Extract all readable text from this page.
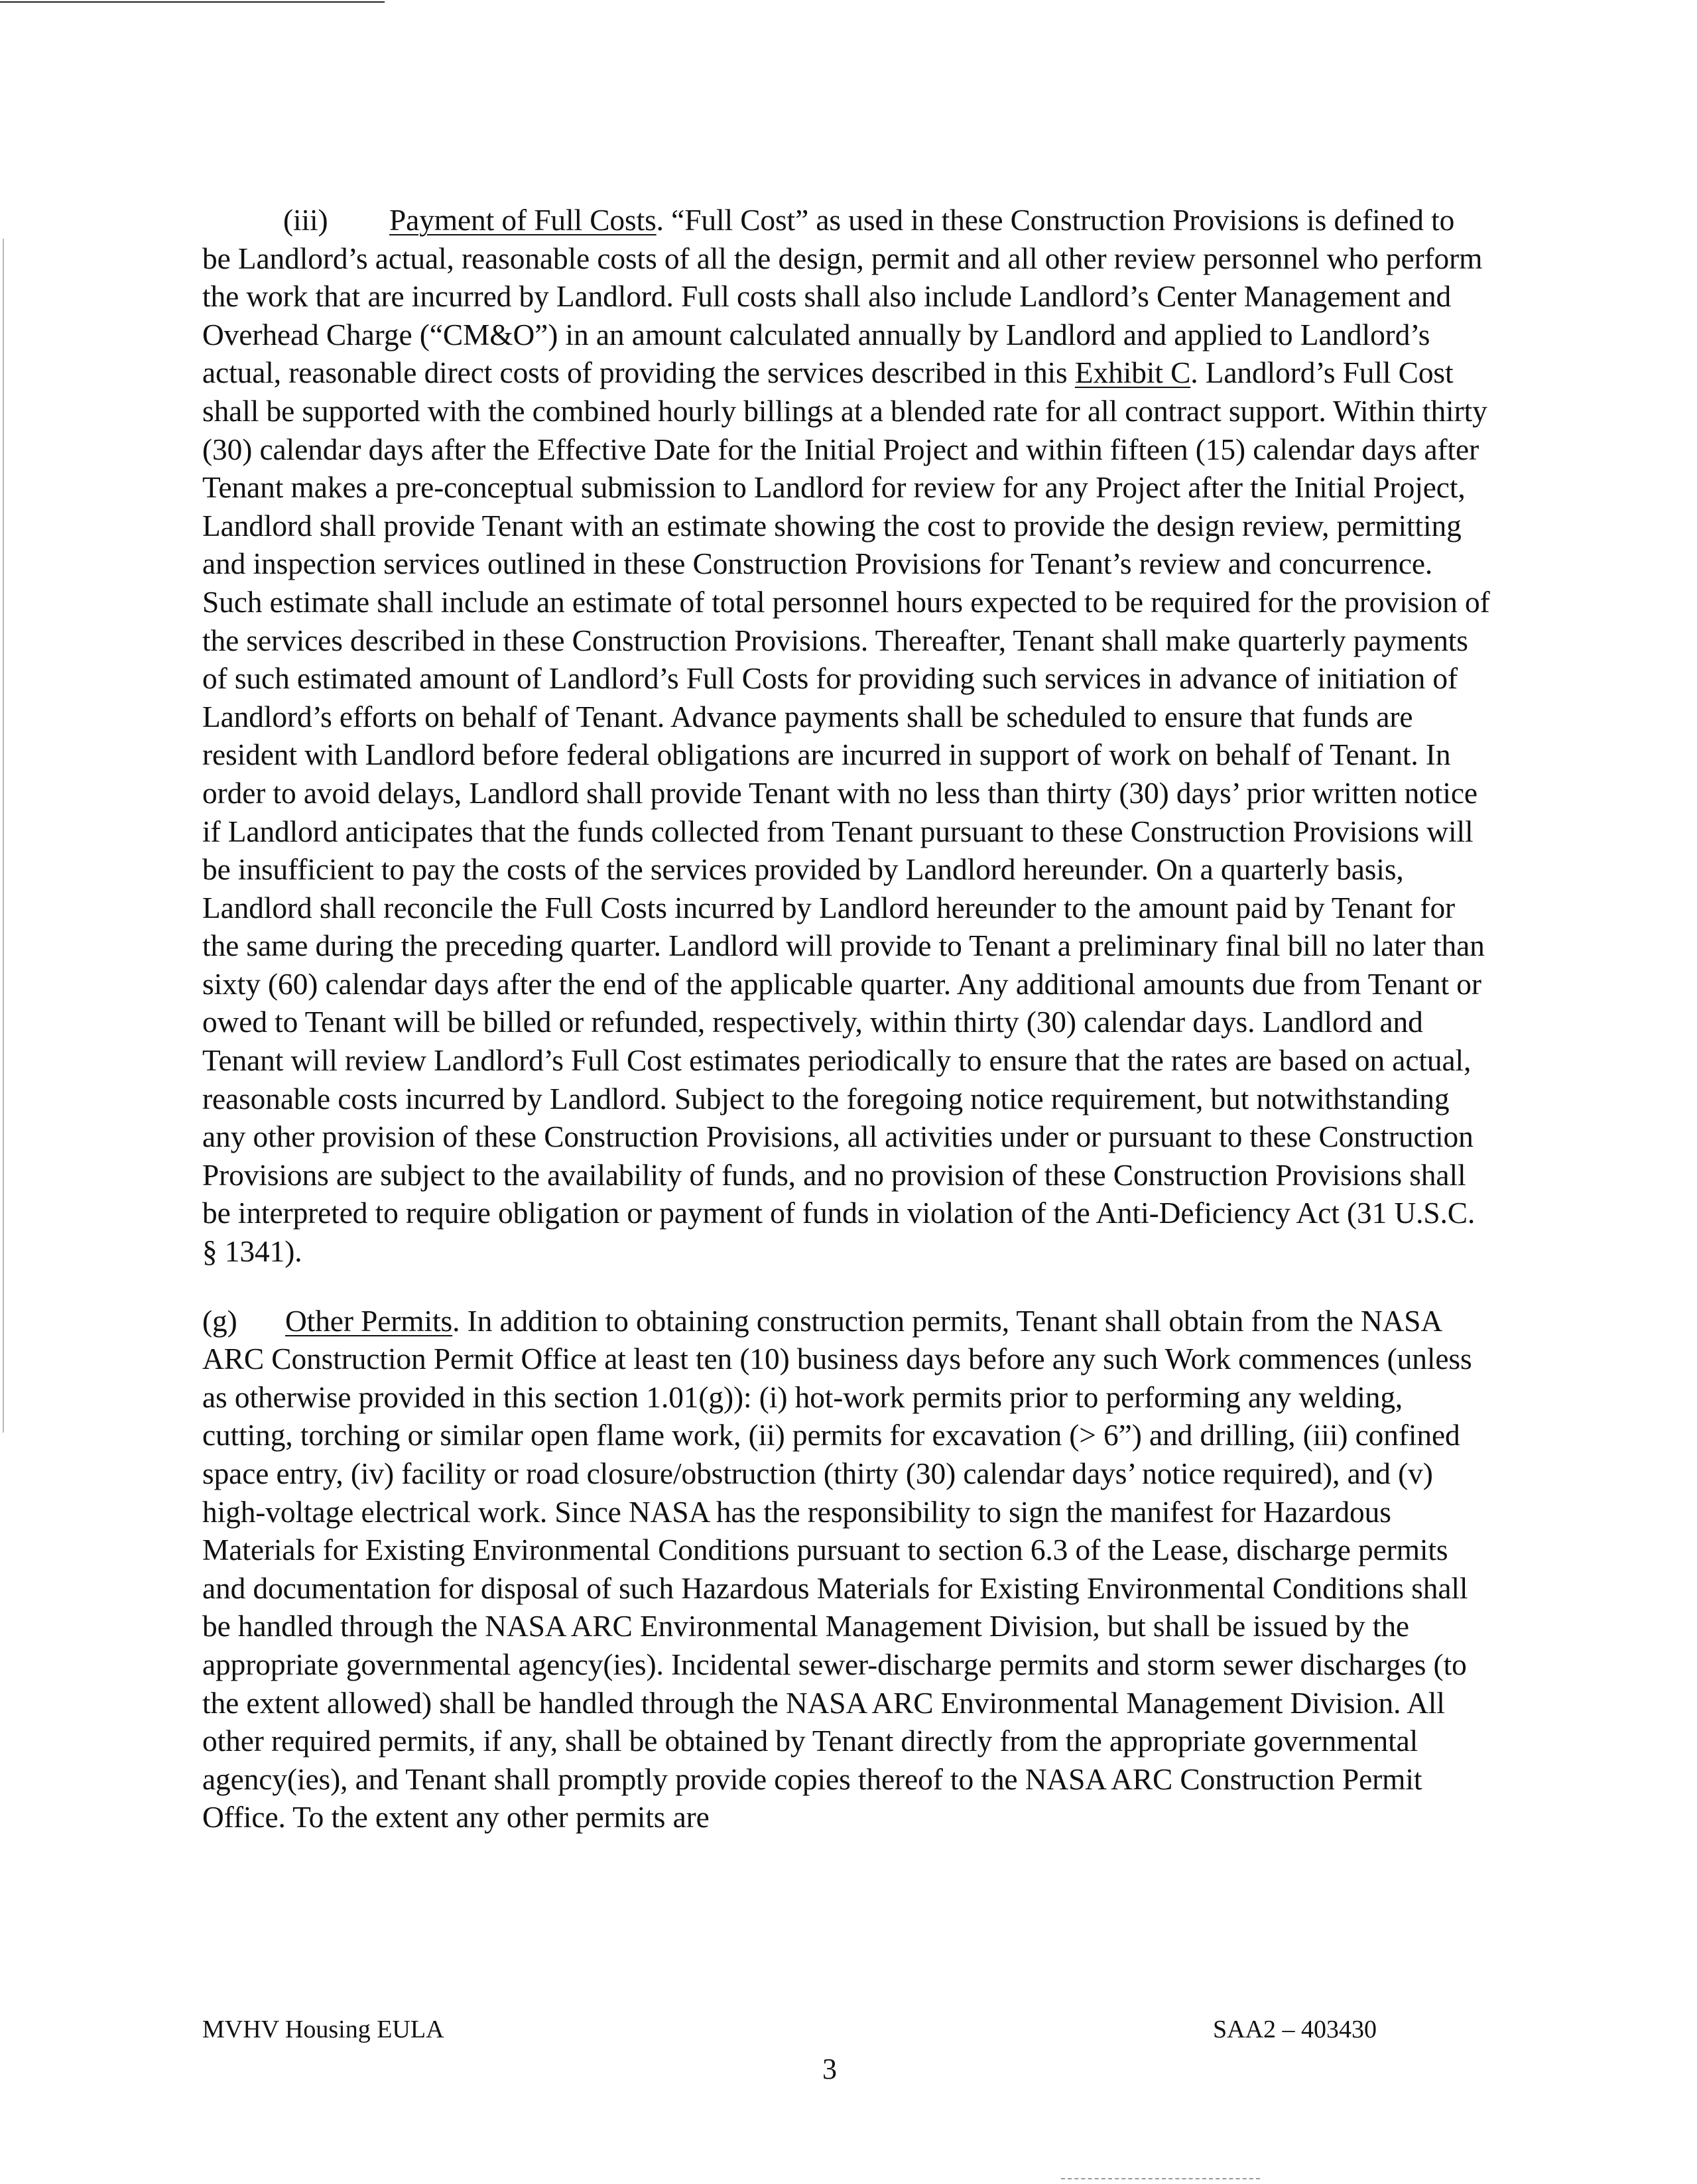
(iii) Payment of Full Costs. “Full Cost” as used in these Construction Provisions is defined to be Landlord’s actual, reasonable costs of all the design, permit and all other review personnel who perform the work that are incurred by Landlord. Full costs shall also include Landlord’s Center Management and Overhead Charge (“CM&O”) in an amount calculated annually by Landlord and applied to Landlord’s actual, reasonable direct costs of providing the services described in this Exhibit C. Landlord’s Full Cost shall be supported with the combined hourly billings at a blended rate for all contract support. Within thirty (30) calendar days after the Effective Date for the Initial Project and within fifteen (15) calendar days after Tenant makes a pre-conceptual submission to Landlord for review for any Project after the Initial Project, Landlord shall provide Tenant with an estimate showing the cost to provide the design review, permitting and inspection services outlined in these Construction Provisions for Tenant’s review and concurrence. Such estimate shall include an estimate of total personnel hours expected to be required for the provision of the services described in these Construction Provisions. Thereafter, Tenant shall make quarterly payments of such estimated amount of Landlord’s Full Costs for providing such services in advance of initiation of Landlord’s efforts on behalf of Tenant. Advance payments shall be scheduled to ensure that funds are resident with Landlord before federal obligations are incurred in support of work on behalf of Tenant. In order to avoid delays, Landlord shall provide Tenant with no less than thirty (30) days’ prior written notice if Landlord anticipates that the funds collected from Tenant pursuant to these Construction Provisions will be insufficient to pay the costs of the services provided by Landlord hereunder. On a quarterly basis, Landlord shall reconcile the Full Costs incurred by Landlord hereunder to the amount paid by Tenant for the same during the preceding quarter. Landlord will provide to Tenant a preliminary final bill no later than sixty (60) calendar days after the end of the applicable quarter. Any additional amounts due from Tenant or owed to Tenant will be billed or refunded, respectively, within thirty (30) calendar days. Landlord and Tenant will review Landlord’s Full Cost estimates periodically to ensure that the rates are based on actual, reasonable costs incurred by Landlord. Subject to the foregoing notice requirement, but notwithstanding any other provision of these Construction Provisions, all activities under or pursuant to these Construction Provisions are subject to the availability of funds, and no provision of these Construction Provisions shall be interpreted to require obligation or payment of funds in violation of the Anti-Deficiency Act (31 U.S.C. § 1341).

(g) Other Permits. In addition to obtaining construction permits, Tenant shall obtain from the NASA ARC Construction Permit Office at least ten (10) business days before any such Work commences (unless as otherwise provided in this section 1.01(g)): (i) hot-work permits prior to performing any welding, cutting, torching or similar open flame work, (ii) permits for excavation (> 6”) and drilling, (iii) confined space entry, (iv) facility or road closure/obstruction (thirty (30) calendar days’ notice required), and (v) high-voltage electrical work. Since NASA has the responsibility to sign the manifest for Hazardous Materials for Existing Environmental Conditions pursuant to section 6.3 of the Lease, discharge permits and documentation for disposal of such Hazardous Materials for Existing Environmental Conditions shall be handled through the NASA ARC Environmental Management Division, but shall be issued by the appropriate governmental agency(ies). Incidental sewer-discharge permits and storm sewer discharges (to the extent allowed) shall be handled through the NASA ARC Environmental Management Division. All other required permits, if any, shall be obtained by Tenant directly from the appropriate governmental agency(ies), and Tenant shall promptly provide copies thereof to the NASA ARC Construction Permit Office. To the extent any other permits are

MVHV Housing EULA	SAA2 – 403430
3
